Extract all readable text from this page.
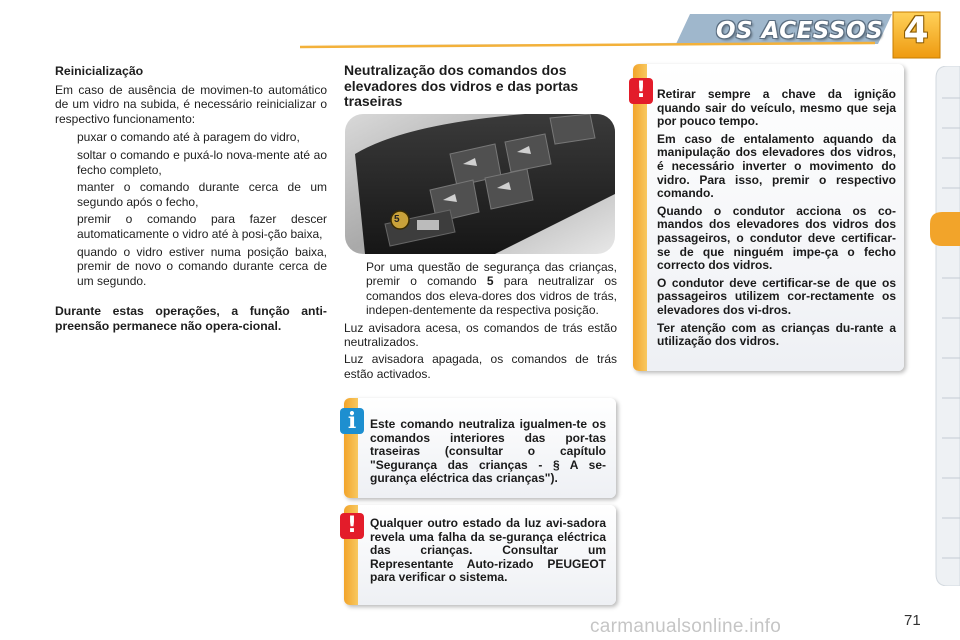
OS ACESSOS 4
Reinicialização

Em caso de ausência de movimen-to automático de um vidro na subida, é necessário reinicializar o respectivo funcionamento:

puxar o comando até à paragem do vidro,
soltar o comando e puxá-lo nova-mente até ao fecho completo,
manter o comando durante cerca de um segundo após o fecho,
premir o comando para fazer descer automaticamente o vidro até à posi-ção baixa,
quando o vidro estiver numa posição baixa, premir de novo o comando durante cerca de um segundo.

Durante estas operações, a função anti-preensão permanece não opera-cional.

Neutralização dos comandos dos elevadores dos vidros e das portas traseiras
5
Por uma questão de segurança das crianças, premir o comando 5 para neutralizar os comandos dos eleva-dores dos vidros de trás, indepen-dentemente da respectiva posição.

Luz avisadora acesa, os comandos de trás estão neutralizados.

Luz avisadora apagada, os comandos de trás estão activados.

Este comando neutraliza igualmen-te os comandos interiores das por-tas traseiras (consultar o capítulo "Segurança das crianças - § A se-gurança eléctrica das crianças").
i
Qualquer outro estado da luz avi-sadora revela uma falha da se-gurança eléctrica das crianças. Consultar um Representante Auto-rizado PEUGEOT para verificar o sistema.
!

Retirar sempre a chave da ignição quando sair do veículo, mesmo que seja por pouco tempo.

Em caso de entalamento aquando da manipulação dos elevadores dos vidros, é necessário inverter o movimento do vidro. Para isso, premir o respectivo comando.

Quando o condutor acciona os co-mandos dos elevadores dos vidros dos passageiros, o condutor deve certificar-se de que ninguém impe-ça o fecho correcto dos vidros.

O condutor deve certificar-se de que os passageiros utilizem cor-rectamente os elevadores dos vi-dros.

Ter atenção com as crianças du-rante a utilização dos vidros.

!
carmanualsonline.info	71
